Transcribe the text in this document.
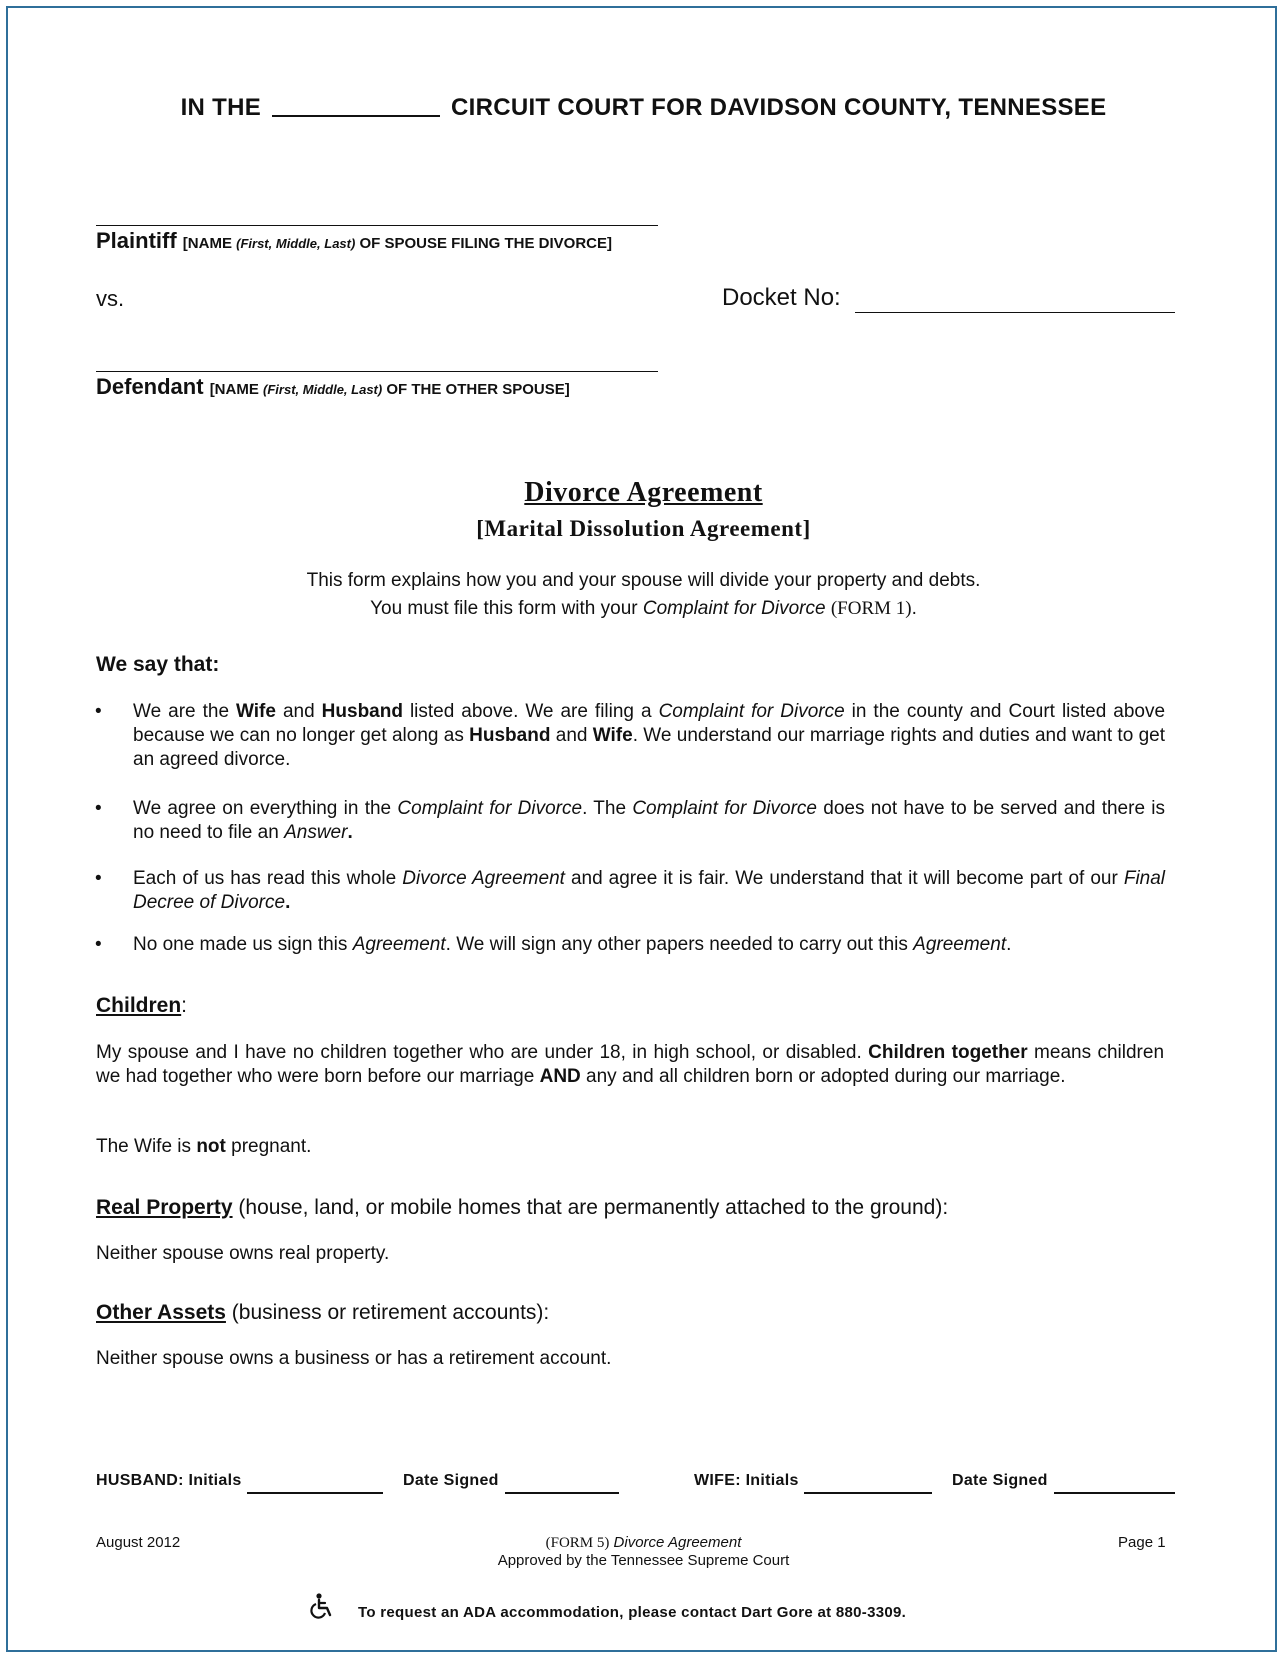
IN THE	CIRCUIT COURT FOR DAVIDSON COUNTY, TENNESSEE
Plaintiff [NAME (First, Middle, Last) OF SPOUSE FILING THE DIVORCE]
vs.	Docket No:
Defendant [NAME (First, Middle, Last) OF THE OTHER SPOUSE]
Divorce Agreement
[Marital Dissolution Agreement]
This form explains how you and your spouse will divide your property and debts.
You must file this form with your Complaint for Divorce (FORM 1).
We say that:
• We are the Wife and Husband listed above. We are filing a Complaint for Divorce in the county and Court listed above because we can no longer get along as Husband and Wife. We understand our marriage rights and duties and want to get an agreed divorce.
• We agree on everything in the Complaint for Divorce. The Complaint for Divorce does not have to be served and there is no need to file an Answer.
• Each of us has read this whole Divorce Agreement and agree it is fair. We understand that it will become part of our Final Decree of Divorce.
• No one made us sign this Agreement. We will sign any other papers needed to carry out this Agreement.
Children:
My spouse and I have no children together who are under 18, in high school, or disabled. Children together means children we had together who were born before our marriage AND any and all children born or adopted during our marriage.
The Wife is not pregnant.
Real Property (house, land, or mobile homes that are permanently attached to the ground):
Neither spouse owns real property.
Other Assets (business or retirement accounts):
Neither spouse owns a business or has a retirement account.
HUSBAND: Initials	Date Signed	WIFE: Initials	Date Signed
August 2012	(FORM 5) Divorce Agreement
Approved by the Tennessee Supreme Court
Page 1
To request an ADA accommodation, please contact Dart Gore at 880-3309.
